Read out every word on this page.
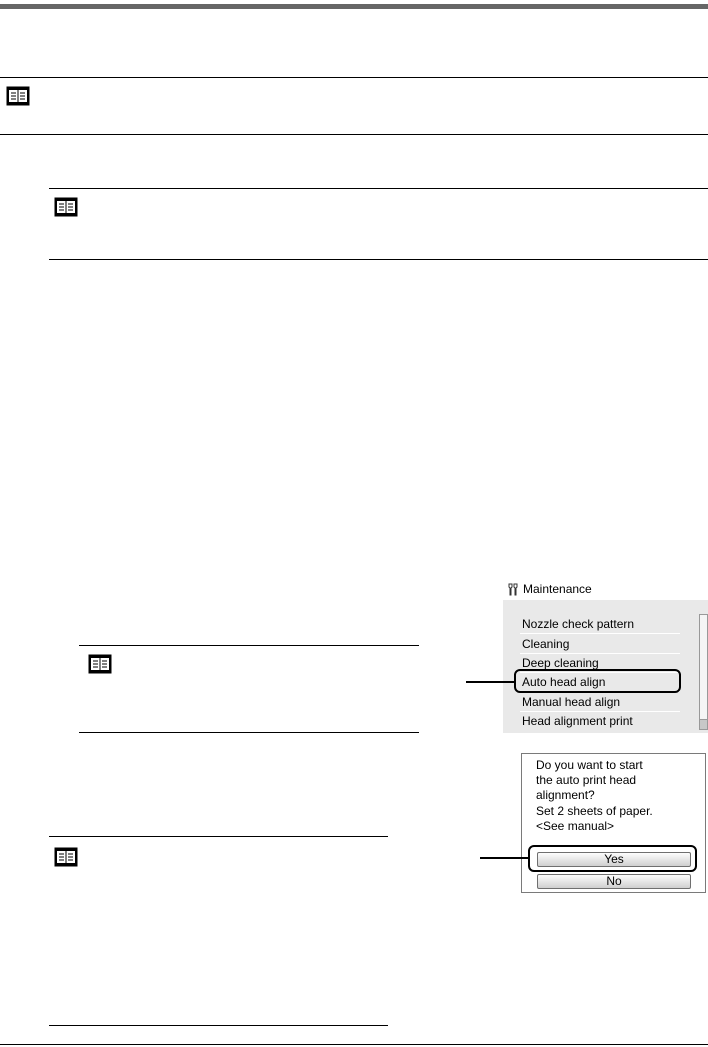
Maintenance
Nozzle check pattern
Cleaning
Deep cleaning
Auto head align
Manual head align
Head alignment print
Do you want to start
the auto print head
alignment?
Set 2 sheets of paper.
<See manual>
Yes
No
